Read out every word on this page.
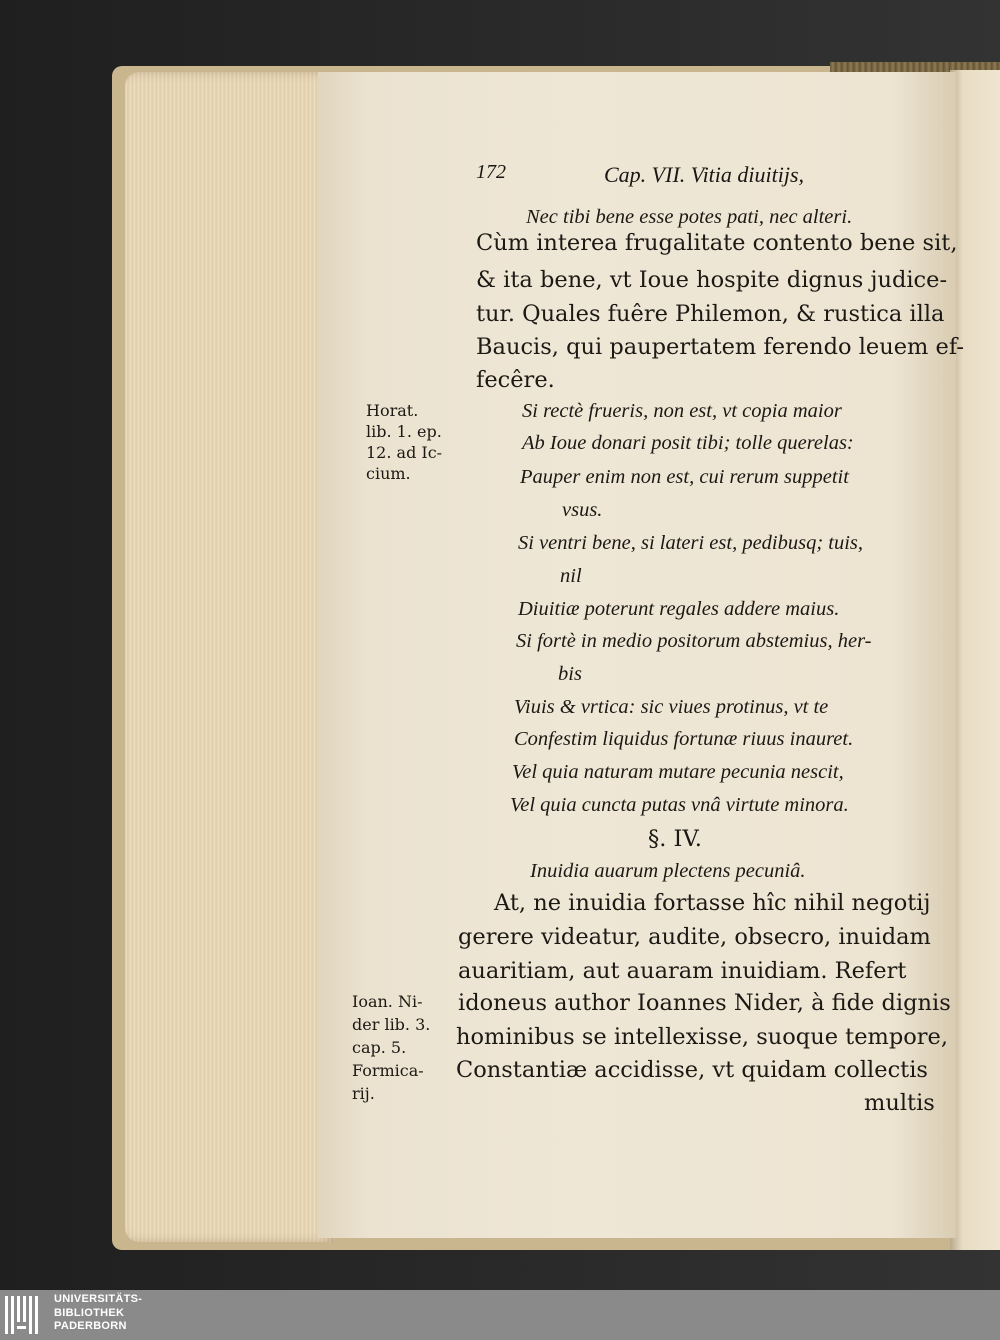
172	Cap. VII. Vitia diuitijs,
Nec tibi bene esse potes pati, nec alteri.
Cùm interea frugalitate contento bene sit,
& ita bene, vt Ioue hospite dignus judice-
tur. Quales fuêre Philemon, & rustica illa
Baucis, qui paupertatem ferendo leuem ef-
fecêre.
Si rectè frueris, non est, vt copia maior
Ab Ioue donari posit tibi; tolle querelas:
Pauper enim non est, cui rerum suppetit
vsus.
Si ventri bene, si lateri est, pedibusq; tuis,
nil
Diuitiæ poterunt regales addere maius.
Si fortè in medio positorum abstemius, her-
bis
Viuis & vrtica: sic viues protinus, vt te
Confestim liquidus fortunæ riuus inauret.
Vel quia naturam mutare pecunia nescit,
Vel quia cuncta putas vnâ virtute minora.
§. IV.
Inuidia auarum plectens pecuniâ.
At, ne inuidia fortasse hîc nihil negotij
gerere videatur, audite, obsecro, inuidam
auaritiam, aut auaram inuidiam. Refert
idoneus author Ioannes Nider, à fide dignis
hominibus se intellexisse, suoque tempore,
Constantiæ accidisse, vt quidam collectis
multis
Horat.
lib. 1. ep.
12. ad Ic-
cium.
Ioan. Ni-
der lib. 3.
cap. 5.
Formica-
rij.
UNIVERSITÄTS-
BIBLIOTHEK
PADERBORN
